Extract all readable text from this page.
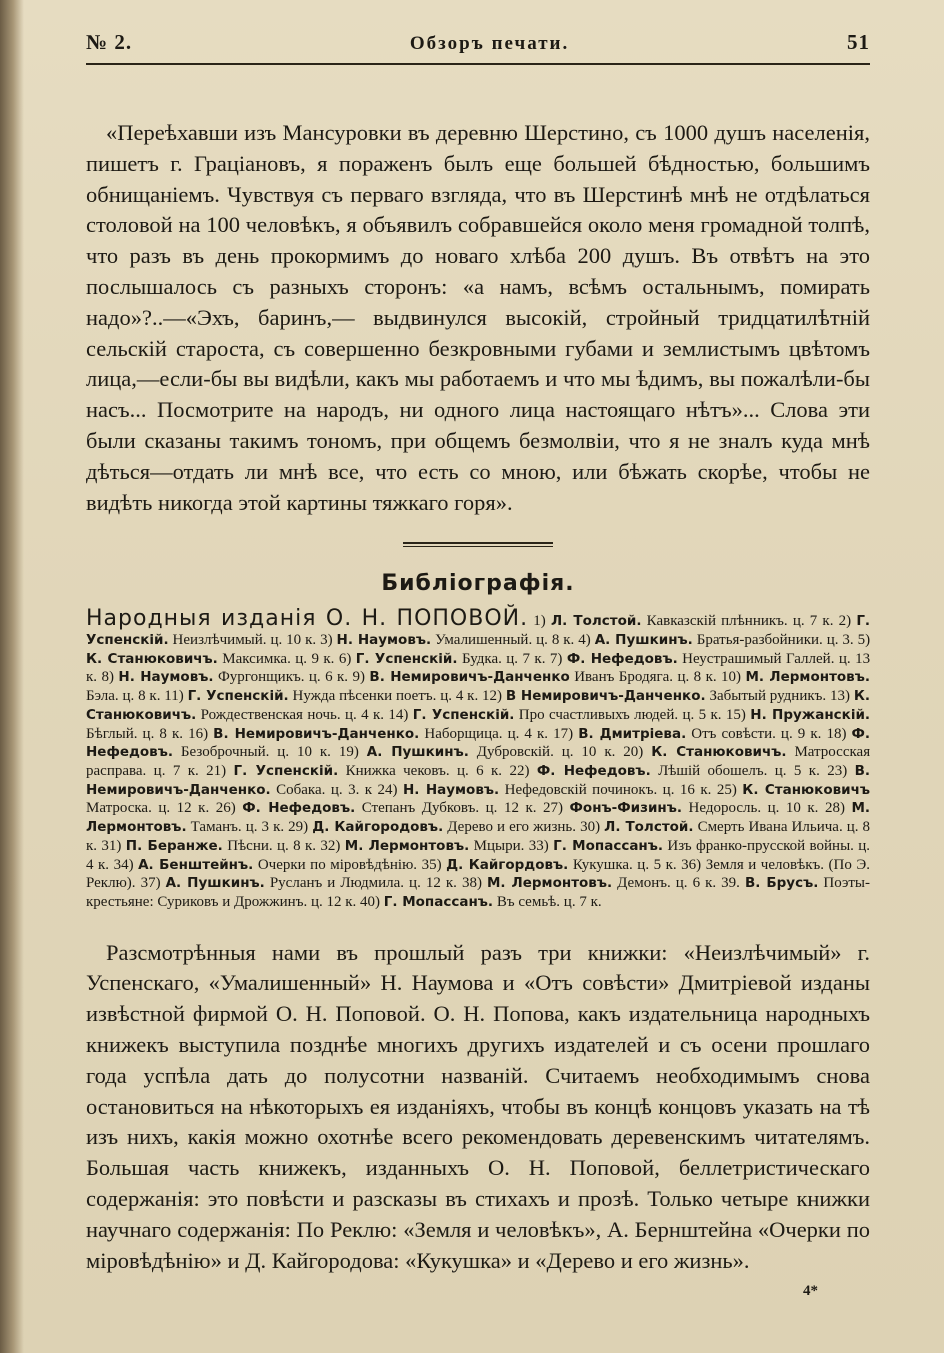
№ 2.	Обзоръ печати.	51

«Переѣхавши изъ Мансуровки въ деревню Шерстино, съ 1000 душъ населенія, пишетъ г. Граціановъ, я пораженъ былъ еще большей бѣдностью, большимъ обнищаніемъ. Чувствуя съ перваго взгляда, что въ Шерстинѣ мнѣ не отдѣлаться столовой на 100 человѣкъ, я объявилъ собравшейся около меня громадной толпѣ, что разъ въ день прокормимъ до новаго хлѣба 200 душъ. Въ отвѣтъ на это послышалось съ разныхъ сторонъ: «а намъ, всѣмъ остальнымъ, помирать надо»?..—«Эхъ, баринъ,— выдвинулся высокій, стройный тридцатилѣтній сельскій староста, съ совершенно безкровными губами и землистымъ цвѣтомъ лица,—если-бы вы видѣли, какъ мы работаемъ и что мы ѣдимъ, вы пожалѣли-бы насъ... Посмотрите на народъ, ни одного лица настоящаго нѣтъ»... Слова эти были сказаны такимъ тономъ, при общемъ безмолвіи, что я не зналъ куда мнѣ дѣться—отдать ли мнѣ все, что есть со мною, или бѣжать скорѣе, чтобы не видѣть никогда этой картины тяжкаго горя».

Библіографія.

Народныя изданія О. Н. ПОПОВОЙ. 1) Л. Толстой. Кавказскій плѣнникъ. ц. 7 к. 2) Г. Успенскій. Неизлѣчимый. ц. 10 к. 3) Н. Наумовъ. Умалишенный. ц. 8 к. 4) А. Пушкинъ. Братья-разбойники. ц. 3. 5) К. Станюковичъ. Максимка. ц. 9 к. 6) Г. Успенскій. Будка. ц. 7 к. 7) Ф. Нефедовъ. Неустрашимый Галлей. ц. 13 к. 8) Н. Наумовъ. Фургонщикъ. ц. 6 к. 9) В. Немировичъ-Данченко Иванъ Бродяга. ц. 8 к. 10) М. Лермонтовъ. Бэла. ц. 8 к. 11) Г. Успенскій. Нужда пѣсенки поетъ. ц. 4 к. 12) В Немировичъ-Данченко. Забытый рудникъ. 13) К. Станюковичъ. Рождественская ночь. ц. 4 к. 14) Г. Успенскій. Про счастливыхъ людей. ц. 5 к. 15) Н. Пружанскій. Бѣглый. ц. 8 к. 16) В. Немировичъ-Данченко. Наборщица. ц. 4 к. 17) В. Дмитріева. Отъ совѣсти. ц. 9 к. 18) Ф. Нефедовъ. Безоброчный. ц. 10 к. 19) А. Пушкинъ. Дубровскій. ц. 10 к. 20) К. Станюковичъ. Матросская расправа. ц. 7 к. 21) Г. Успенскій. Книжка чековъ. ц. 6 к. 22) Ф. Нефедовъ. Лѣшій обошелъ. ц. 5 к. 23) В. Немировичъ-Данченко. Собака. ц. 3. к 24) Н. Наумовъ. Нефедовскій починокъ. ц. 16 к. 25) К. Станюковичъ Матроска. ц. 12 к. 26) Ф. Нефедовъ. Степанъ Дубковъ. ц. 12 к. 27) Фонъ-Физинъ. Недоросль. ц. 10 к. 28) М. Лермонтовъ. Таманъ. ц. 3 к. 29) Д. Кайгородовъ. Дерево и его жизнь. 30) Л. Толстой. Смерть Ивана Ильича. ц. 8 к. 31) П. Беранже. Пѣсни. ц. 8 к. 32) М. Лермонтовъ. Мцыри. 33) Г. Мопассанъ. Изъ франко-прусской войны. ц. 4 к. 34) А. Бенштейнъ. Очерки по міровѣдѣнію. 35) Д. Кайгордовъ. Кукушка. ц. 5 к. 36) Земля и человѣкъ. (По Э. Реклю). 37) А. Пушкинъ. Русланъ и Людмила. ц. 12 к. 38) М. Лермонтовъ. Демонъ. ц. 6 к. 39. В. Брусъ. Поэты-крестьяне: Суриковъ и Дрожжинъ. ц. 12 к. 40) Г. Мопассанъ. Въ семьѣ. ц. 7 к.

Разсмотрѣнныя нами въ прошлый разъ три книжки: «Неизлѣчимый» г. Успенскаго, «Умалишенный» Н. Наумова и «Отъ совѣсти» Дмитріевой изданы извѣстной фирмой О. Н. Поповой. О. Н. Попова, какъ издательница народныхъ книжекъ выступила позднѣе многихъ другихъ издателей и съ осени прошлаго года успѣла дать до полусотни названій. Считаемъ необходимымъ снова остановиться на нѣкоторыхъ ея изданіяхъ, чтобы въ концѣ концовъ указать на тѣ изъ нихъ, какія можно охотнѣе всего рекомендовать деревенскимъ читателямъ. Большая часть книжекъ, изданныхъ О. Н. Поповой, беллетристическаго содержанія: это повѣсти и разсказы въ стихахъ и прозѣ. Только четыре книжки научнаго содержанія: По Реклю: «Земля и человѣкъ», А. Бернштейна «Очерки по міровѣдѣнію» и Д. Кайгородова: «Кукушка» и «Дерево и его жизнь».

4*
